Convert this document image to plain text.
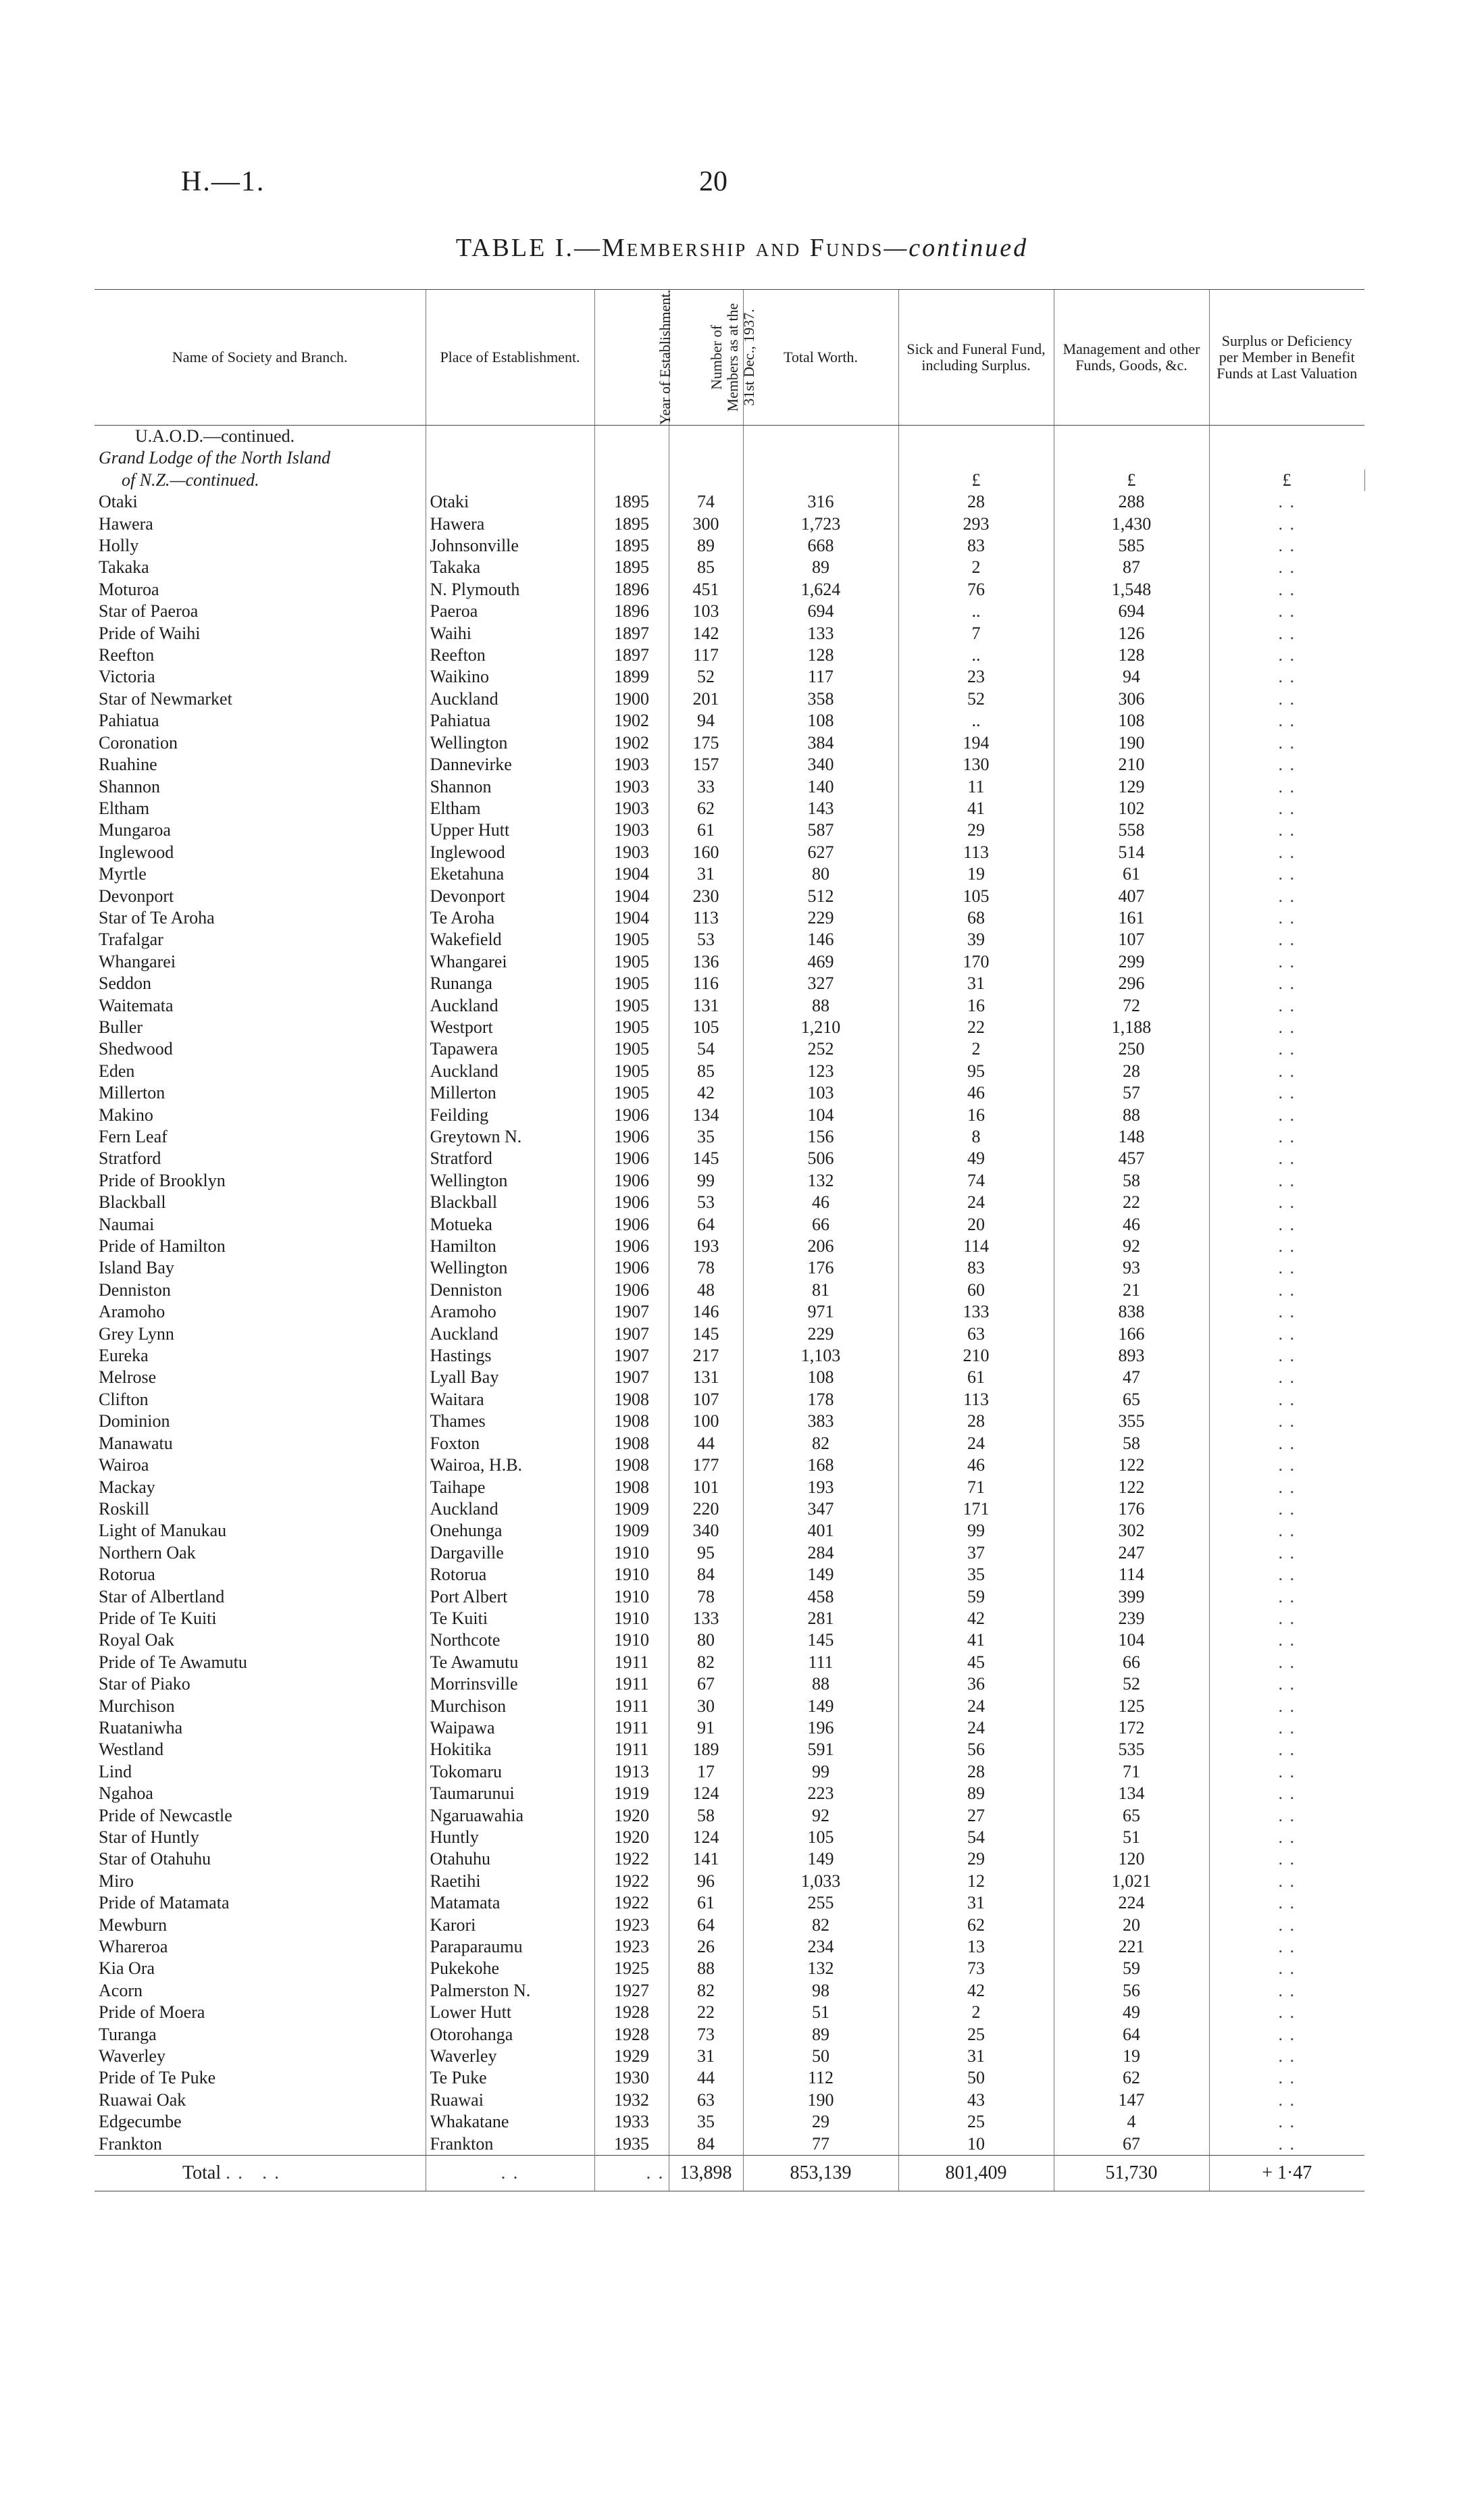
H.—1.	20
TABLE I.—Membership and Funds—continued
Name of Society and Branch.	Place of Establishment.	Year of Establishment.	Number of Members as at the 31st Dec., 1937.	Total Worth.	Sick and Funeral Fund, including Surplus.	Management and other Funds, Goods, &c.	Surplus or Deficiency per Member in Benefit Funds at Last Valuation	
U.A.O.D.—continued.								
Grand Lodge of the North Island								
of N.Z.—continued.					£	£	£	
Otaki	Otaki	1895	74	316	28	288	. .	
Hawera	Hawera	1895	300	1,723	293	1,430	. .	
Holly	Johnsonville	1895	89	668	83	585	. .	
Takaka	Takaka	1895	85	89	2	87	. .	
Moturoa	N. Plymouth	1896	451	1,624	76	1,548	. .	
Star of Paeroa	Paeroa	1896	103	694	..	694	. .	
Pride of Waihi	Waihi	1897	142	133	7	126	. .	
Reefton	Reefton	1897	117	128	..	128	. .	
Victoria	Waikino	1899	52	117	23	94	. .	
Star of Newmarket	Auckland	1900	201	358	52	306	. .	
Pahiatua	Pahiatua	1902	94	108	..	108	. .	
Coronation	Wellington	1902	175	384	194	190	. .	
Ruahine	Dannevirke	1903	157	340	130	210	. .	
Shannon	Shannon	1903	33	140	11	129	. .	
Eltham	Eltham	1903	62	143	41	102	. .	
Mungaroa	Upper Hutt	1903	61	587	29	558	. .	
Inglewood	Inglewood	1903	160	627	113	514	. .	
Myrtle	Eketahuna	1904	31	80	19	61	. .	
Devonport	Devonport	1904	230	512	105	407	. .	
Star of Te Aroha	Te Aroha	1904	113	229	68	161	. .	
Trafalgar	Wakefield	1905	53	146	39	107	. .	
Whangarei	Whangarei	1905	136	469	170	299	. .	
Seddon	Runanga	1905	116	327	31	296	. .	
Waitemata	Auckland	1905	131	88	16	72	. .	
Buller	Westport	1905	105	1,210	22	1,188	. .	
Shedwood	Tapawera	1905	54	252	2	250	. .	
Eden	Auckland	1905	85	123	95	28	. .	
Millerton	Millerton	1905	42	103	46	57	. .	
Makino	Feilding	1906	134	104	16	88	. .	
Fern Leaf	Greytown N.	1906	35	156	8	148	. .	
Stratford	Stratford	1906	145	506	49	457	. .	
Pride of Brooklyn	Wellington	1906	99	132	74	58	. .	
Blackball	Blackball	1906	53	46	24	22	. .	
Naumai	Motueka	1906	64	66	20	46	. .	
Pride of Hamilton	Hamilton	1906	193	206	114	92	. .	
Island Bay	Wellington	1906	78	176	83	93	. .	
Denniston	Denniston	1906	48	81	60	21	. .	
Aramoho	Aramoho	1907	146	971	133	838	. .	
Grey Lynn	Auckland	1907	145	229	63	166	. .	
Eureka	Hastings	1907	217	1,103	210	893	. .	
Melrose	Lyall Bay	1907	131	108	61	47	. .	
Clifton	Waitara	1908	107	178	113	65	. .	
Dominion	Thames	1908	100	383	28	355	. .	
Manawatu	Foxton	1908	44	82	24	58	. .	
Wairoa	Wairoa, H.B.	1908	177	168	46	122	. .	
Mackay	Taihape	1908	101	193	71	122	. .	
Roskill	Auckland	1909	220	347	171	176	. .	
Light of Manukau	Onehunga	1909	340	401	99	302	. .	
Northern Oak	Dargaville	1910	95	284	37	247	. .	
Rotorua	Rotorua	1910	84	149	35	114	. .	
Star of Albertland	Port Albert	1910	78	458	59	399	. .	
Pride of Te Kuiti	Te Kuiti	1910	133	281	42	239	. .	
Royal Oak	Northcote	1910	80	145	41	104	. .	
Pride of Te Awamutu	Te Awamutu	1911	82	111	45	66	. .	
Star of Piako	Morrinsville	1911	67	88	36	52	. .	
Murchison	Murchison	1911	30	149	24	125	. .	
Ruataniwha	Waipawa	1911	91	196	24	172	. .	
Westland	Hokitika	1911	189	591	56	535	. .	
Lind	Tokomaru	1913	17	99	28	71	. .	
Ngahoa	Taumarunui	1919	124	223	89	134	. .	
Pride of Newcastle	Ngaruawahia	1920	58	92	27	65	. .	
Star of Huntly	Huntly	1920	124	105	54	51	. .	
Star of Otahuhu	Otahuhu	1922	141	149	29	120	. .	
Miro	Raetihi	1922	96	1,033	12	1,021	. .	
Pride of Matamata	Matamata	1922	61	255	31	224	. .	
Mewburn	Karori	1923	64	82	62	20	. .	
Whareroa	Paraparaumu	1923	26	234	13	221	. .	
Kia Ora	Pukekohe	1925	88	132	73	59	. .	
Acorn	Palmerston N.	1927	82	98	42	56	. .	
Pride of Moera	Lower Hutt	1928	22	51	2	49	. .	
Turanga	Otorohanga	1928	73	89	25	64	. .	
Waverley	Waverley	1929	31	50	31	19	. .	
Pride of Te Puke	Te Puke	1930	44	112	50	62	. .	
Ruawai Oak	Ruawai	1932	63	190	43	147	. .	
Edgecumbe	Whakatane	1933	35	29	25	4	. .	
Frankton	Frankton	1935	84	77	10	67	. .	
Total . .   . .	. .	. .	13,898	853,139	801,409	51,730	+ 1·47	
